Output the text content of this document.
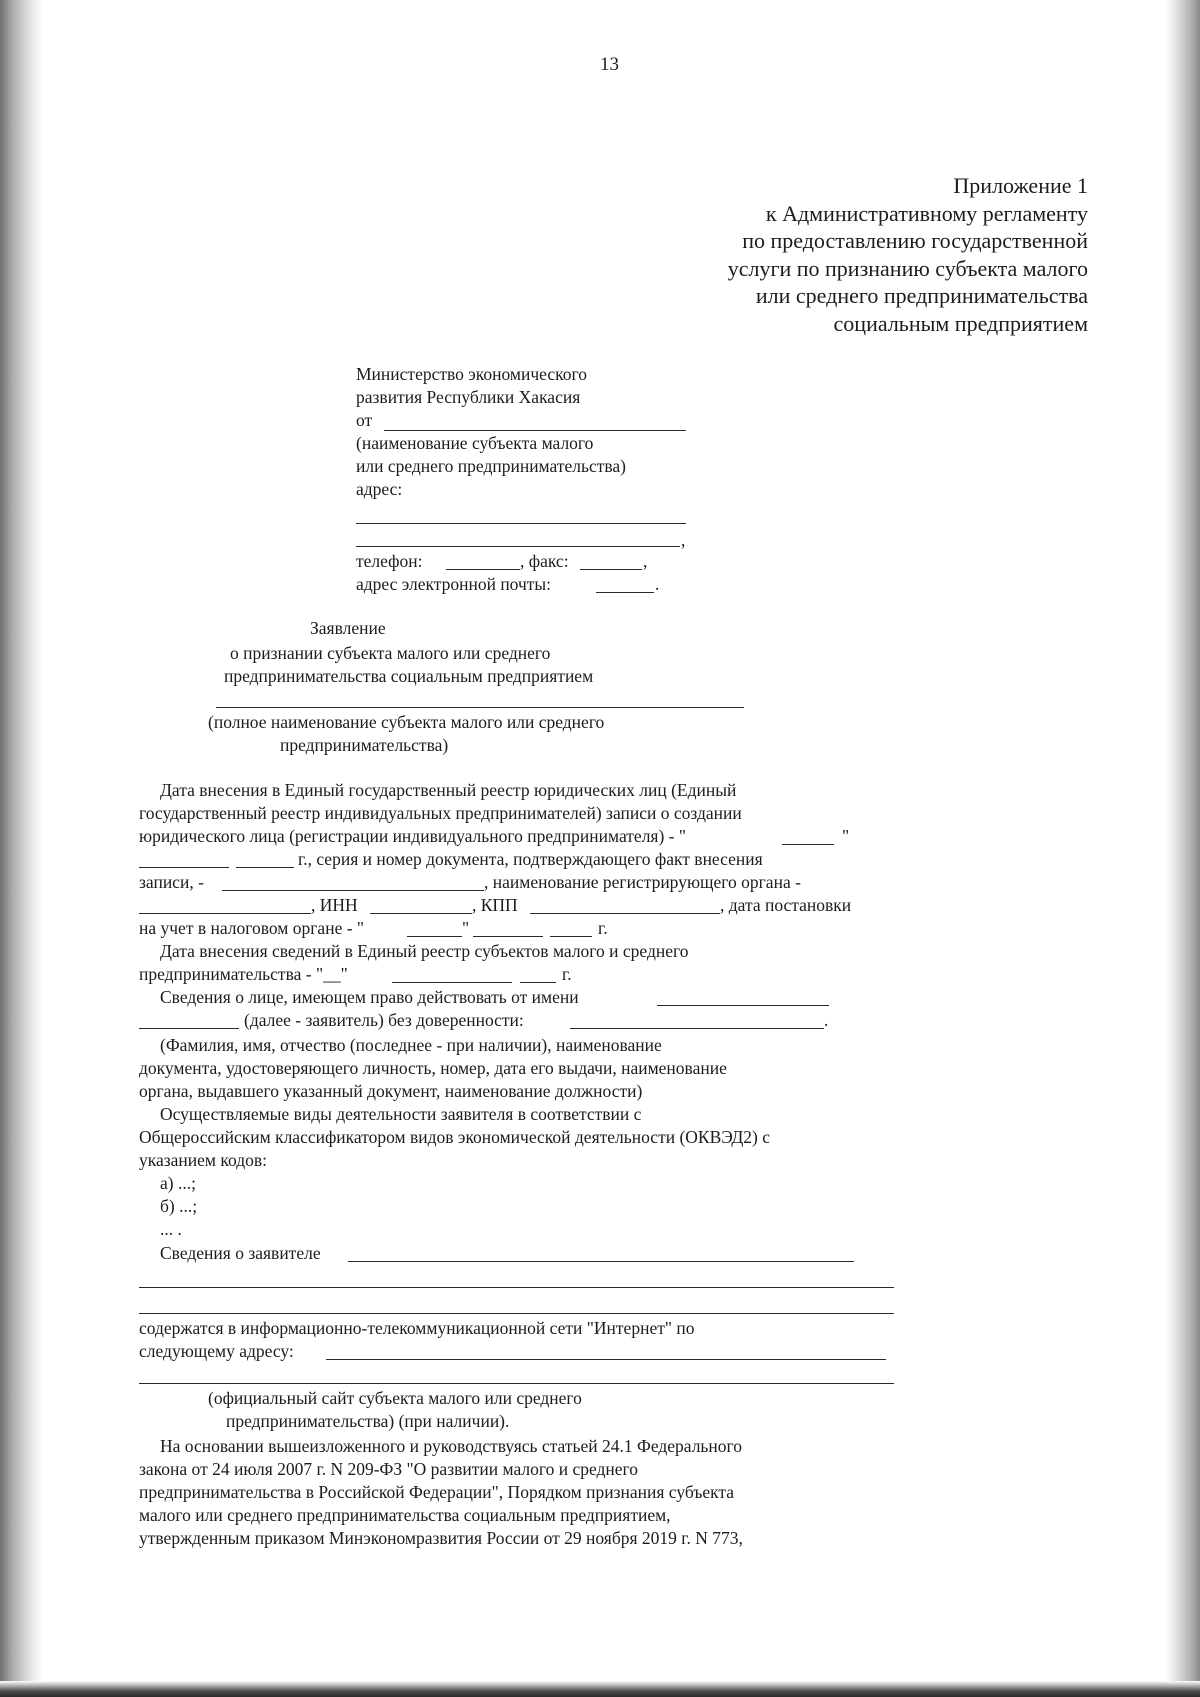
13
Приложение 1
к Административному регламенту
по предоставлению государственной
услуги по признанию субъекта малого
или среднего предпринимательства
социальным предприятием
Министерство экономического
развития Республики Хакасия
от
(наименование субъекта малого
или среднего предпринимательства)
адрес:
,
телефон:	, факс:	,
адрес электронной почты:	.
Заявление
о признании субъекта малого или среднего
предпринимательства социальным предприятием
(полное наименование субъекта малого или среднего
предпринимательства)
Дата внесения в Единый государственный реестр юридических лиц (Единый
государственный реестр индивидуальных предпринимателей) записи о создании
юридического лица (регистрации индивидуального предпринимателя) - "	"
г., серия и номер документа, подтверждающего факт внесения
записи, -	, наименование регистрирующего органа -
, ИНН	, КПП	, дата постановки
на учет в налоговом органе - "	"	г.
Дата внесения сведений в Единый реестр субъектов малого и среднего
предпринимательства - "__"	г.
Сведения о лице, имеющем право действовать от имени
(далее - заявитель) без доверенности:	.
(Фамилия, имя, отчество (последнее - при наличии), наименование
документа, удостоверяющего личность, номер, дата его выдачи, наименование
органа, выдавшего указанный документ, наименование должности)
Осуществляемые виды деятельности заявителя в соответствии с
Общероссийским классификатором видов экономической деятельности (ОКВЭД2) с
указанием кодов:
а) ...;
б) ...;
... .
Сведения о заявителе
содержатся в информационно-телекоммуникационной сети "Интернет" по
следующему адресу:
(официальный сайт субъекта малого или среднего
предпринимательства) (при наличии).
На основании вышеизложенного и руководствуясь статьей 24.1 Федерального
закона от 24 июля 2007 г. N 209-ФЗ "О развитии малого и среднего
предпринимательства в Российской Федерации", Порядком признания субъекта
малого или среднего предпринимательства социальным предприятием,
утвержденным приказом Минэкономразвития России от 29 ноября 2019 г. N 773,
